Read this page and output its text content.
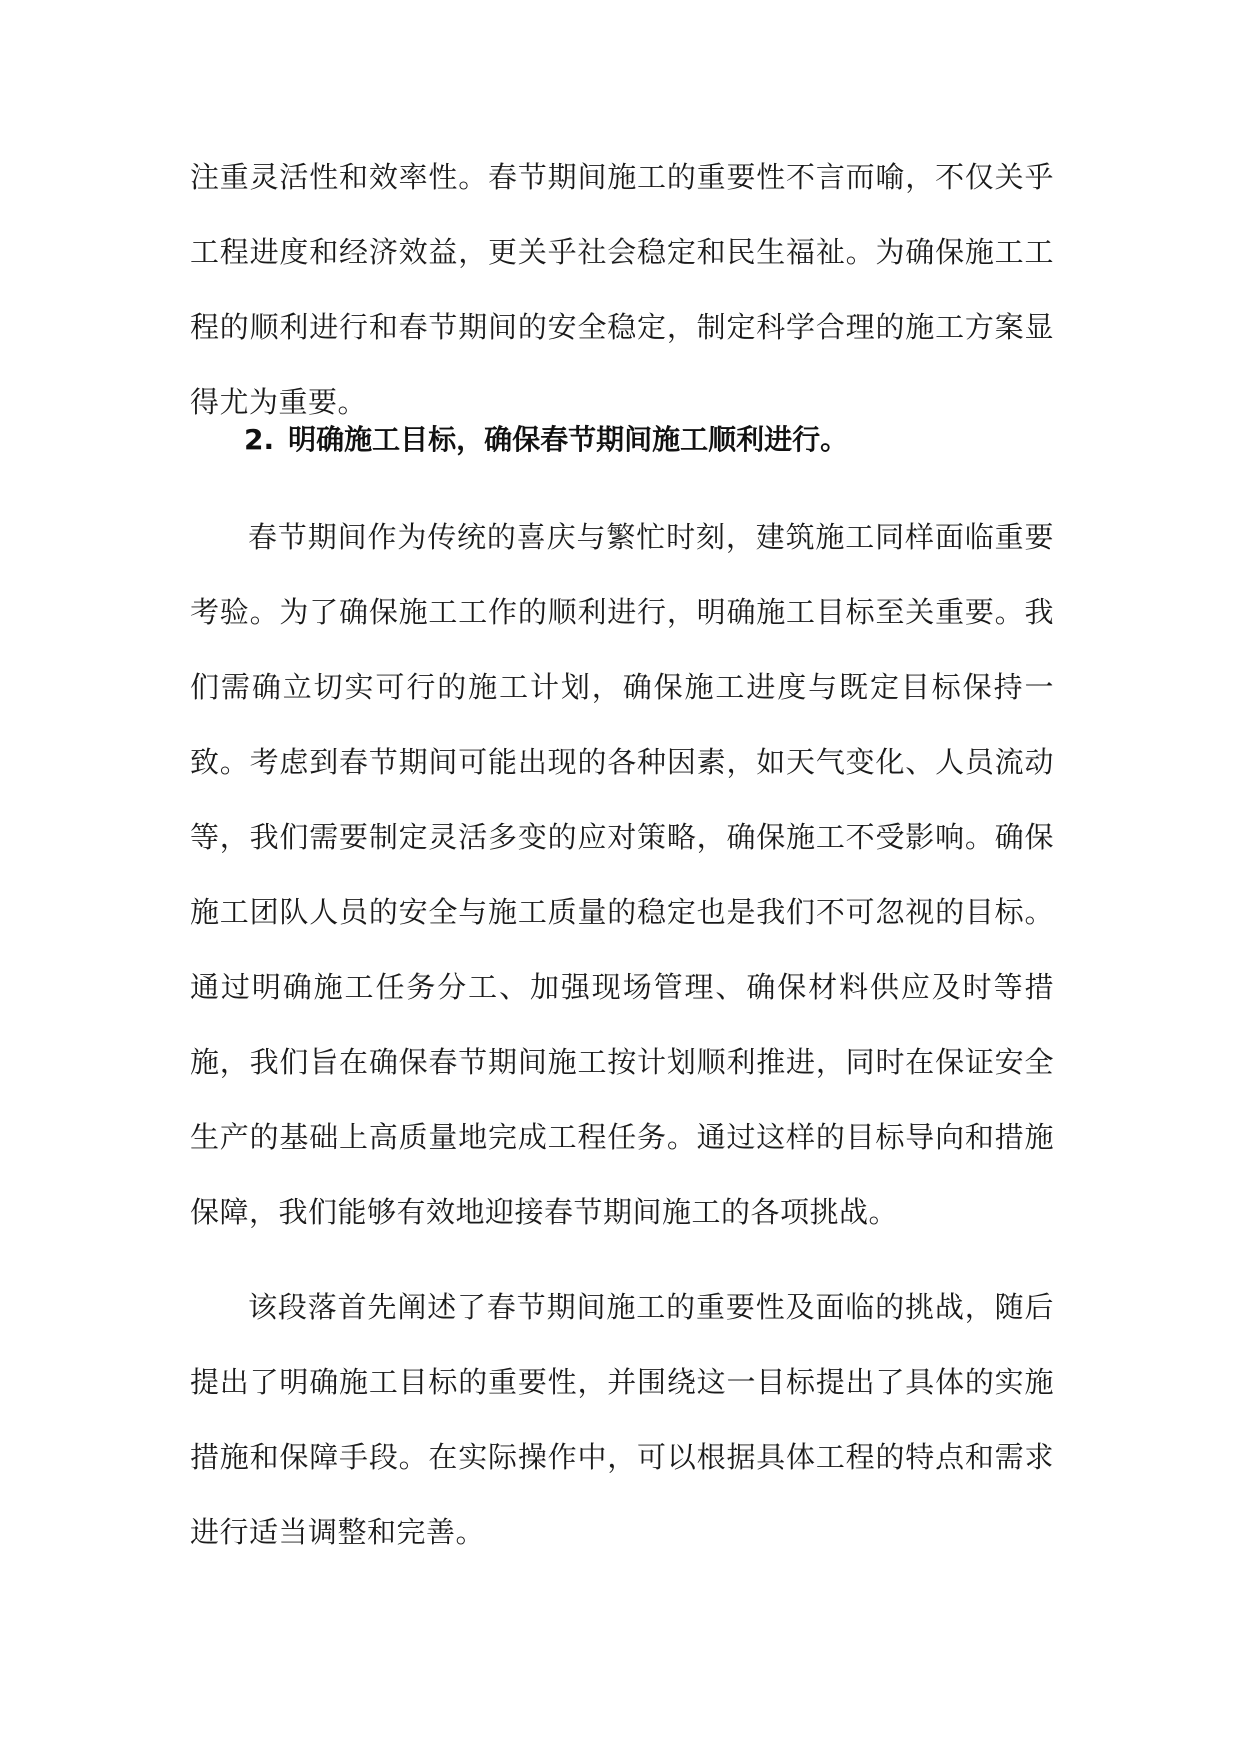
注重灵活性和效率性。春节期间施工的重要性不言而喻，不仅关乎工程进度和经济效益，更关乎社会稳定和民生福祉。为确保施工工程的顺利进行和春节期间的安全稳定，制定科学合理的施工方案显得尤为重要。
2. 明确施工目标，确保春节期间施工顺利进行。
春节期间作为传统的喜庆与繁忙时刻，建筑施工同样面临重要考验。为了确保施工工作的顺利进行，明确施工目标至关重要。我们需确立切实可行的施工计划，确保施工进度与既定目标保持一致。考虑到春节期间可能出现的各种因素，如天气变化、人员流动等，我们需要制定灵活多变的应对策略，确保施工不受影响。确保施工团队人员的安全与施工质量的稳定也是我们不可忽视的目标。通过明确施工任务分工、加强现场管理、确保材料供应及时等措施，我们旨在确保春节期间施工按计划顺利推进，同时在保证安全生产的基础上高质量地完成工程任务。通过这样的目标导向和措施保障，我们能够有效地迎接春节期间施工的各项挑战。
该段落首先阐述了春节期间施工的重要性及面临的挑战，随后提出了明确施工目标的重要性，并围绕这一目标提出了具体的实施措施和保障手段。在实际操作中，可以根据具体工程的特点和需求进行适当调整和完善。
